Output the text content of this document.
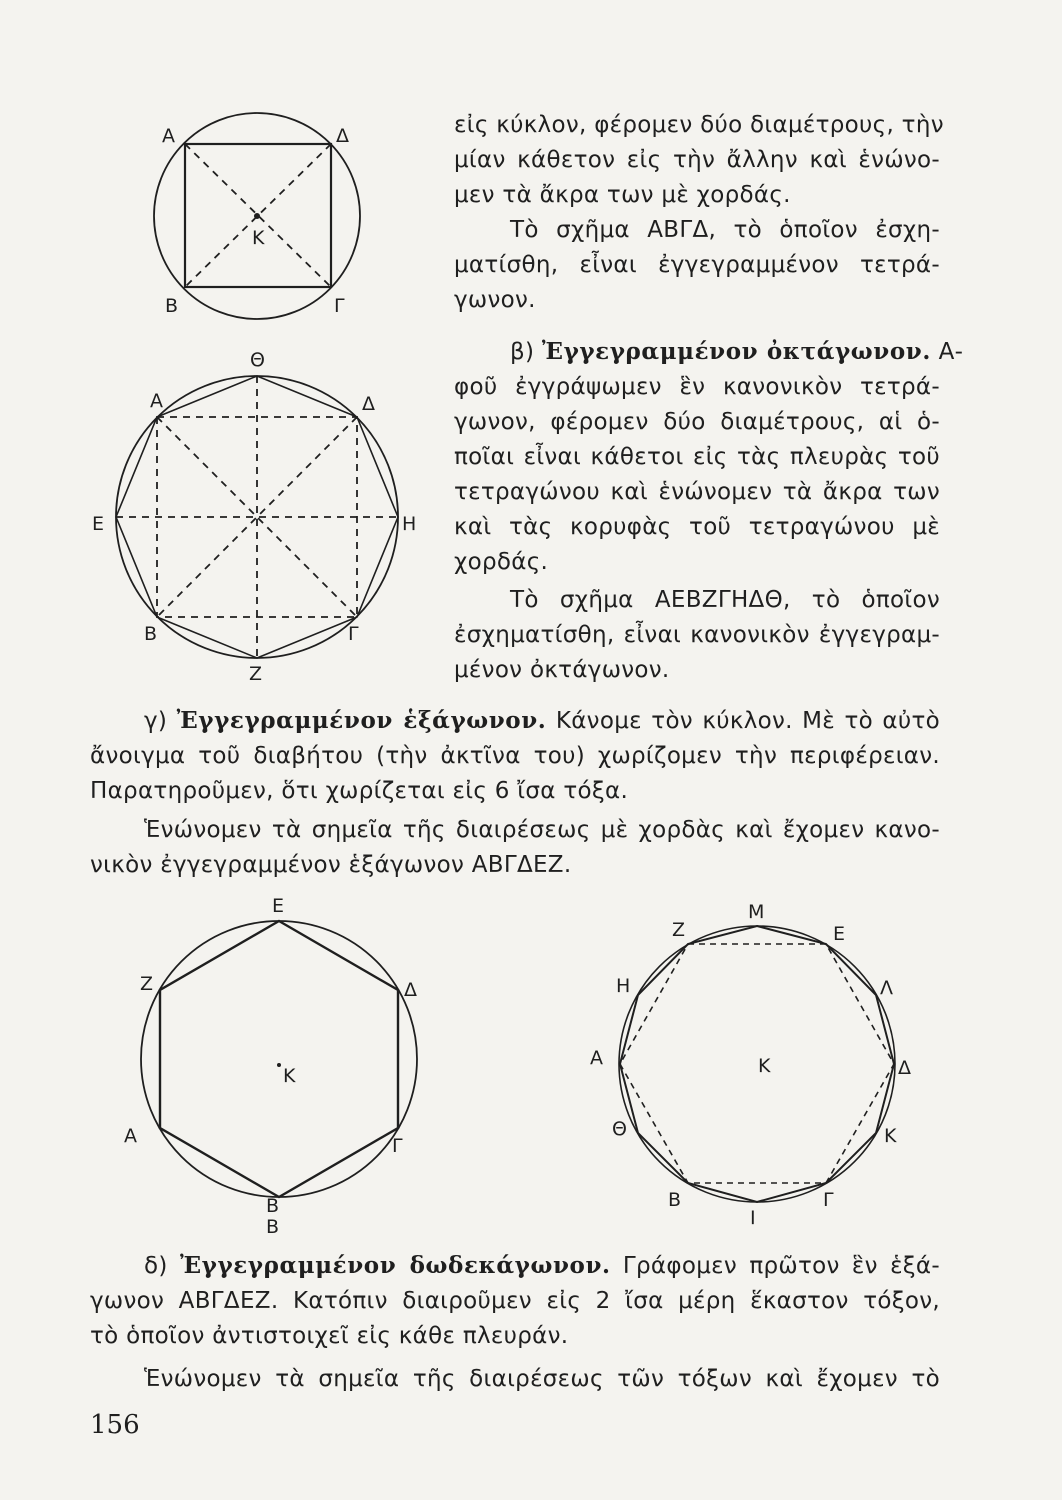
Α	Δ
Κ
Β	Γ
Θ
Α	Δ
Ε	Η
Β	Γ
Ζ
Ε
Ζ	Δ
Κ
Α	Γ
Β
Β
Ζ
Μ
Ε
Η	Λ
Α	Κ	Δ
Θ	Κ
Β
Ι
Γ
εἰς κύκλον, φέρομεν δύο διαμέτρους, τὴν
μίαν κάθετον εἰς τὴν ἄλλην καὶ ἑνώνο-
μεν τὰ ἄκρα των μὲ χορδάς.
Τὸ σχῆμα ΑΒΓΔ, τὸ ὁποῖον ἐσχη-
ματίσθη, εἶναι ἐγγεγραμμένον τετρά-
γωνον.
β) Ἐγγεγραμμένον ὀκτάγωνον. Α-
φοῦ ἐγγράψωμεν ἓν κανονικὸν τετρά-
γωνον, φέρομεν δύο διαμέτρους, αἱ ὁ-
ποῖαι εἶναι κάθετοι εἰς τὰς πλευρὰς τοῦ
τετραγώνου καὶ ἑνώνομεν τὰ ἄκρα των
καὶ τὰς κορυφὰς τοῦ τετραγώνου μὲ
χορδάς.
Τὸ σχῆμα ΑΕΒΖΓΗΔΘ, τὸ ὁποῖον
ἐσχηματίσθη, εἶναι κανονικὸν ἐγγεγραμ-
μένον ὀκτάγωνον.
γ) Ἐγγεγραμμένον ἑξάγωνον. Κάνομε τὸν κύκλον. Μὲ τὸ αὐτὸ
ἄνοιγμα τοῦ διαβήτου (τὴν ἀκτῖνα του) χωρίζομεν τὴν περιφέρειαν.
Παρατηροῦμεν, ὅτι χωρίζεται εἰς 6 ἴσα τόξα.
Ἑνώνομεν τὰ σημεῖα τῆς διαιρέσεως μὲ χορδὰς καὶ ἔχομεν κανο-
νικὸν ἐγγεγραμμένον ἑξάγωνον ΑΒΓΔΕΖ.
δ) Ἐγγεγραμμένον δωδεκάγωνον. Γράφομεν πρῶτον ἓν ἑξά-
γωνον ΑΒΓΔΕΖ. Κατόπιν διαιροῦμεν εἰς 2 ἴσα μέρη ἕκαστον τόξον,
τὸ ὁποῖον ἀντιστοιχεῖ εἰς κάθε πλευράν.
Ἑνώνομεν τὰ σημεῖα τῆς διαιρέσεως τῶν τόξων καὶ ἔχομεν τὸ
156
